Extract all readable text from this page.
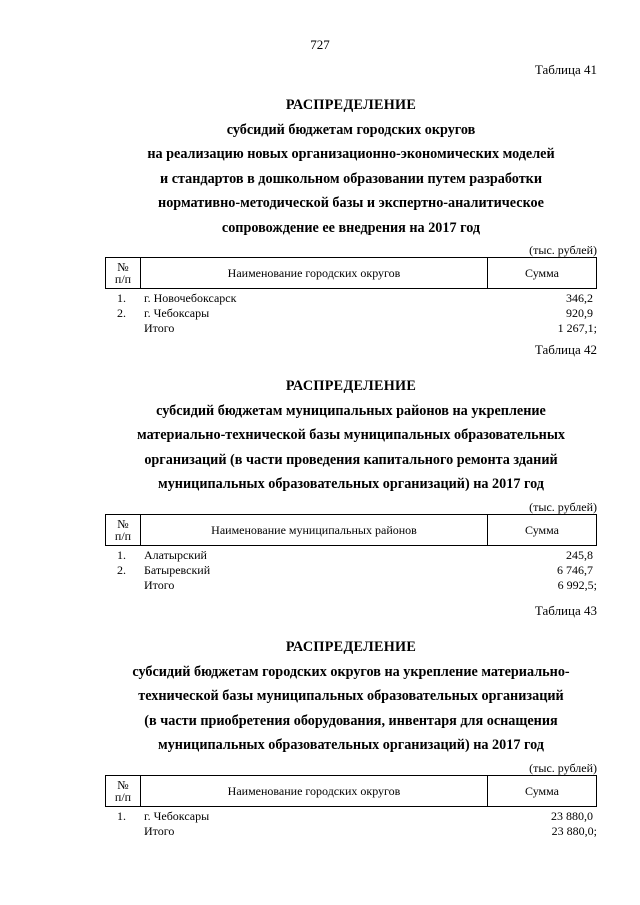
727
Таблица 41
РАСПРЕДЕЛЕНИЕ
субсидий бюджетам городских округов
на реализацию новых организационно-экономических моделей
и стандартов в дошкольном образовании путем разработки
нормативно-методической базы и экспертно-аналитическое
сопровождение ее внедрения на 2017 год
(тыс. рублей)
№
п/п	Наименование городских округов	Сумма
1. г. Новочебоксарск	346,2
2. г. Чебоксары	920,9
Итого	1 267,1;
Таблица 42
РАСПРЕДЕЛЕНИЕ
субсидий бюджетам муниципальных районов на укрепление
материально-технической базы муниципальных образовательных
организаций (в части проведения капитального ремонта зданий
муниципальных образовательных организаций) на 2017 год
(тыс. рублей)
№
п/п	Наименование муниципальных районов	Сумма
1. Алатырский	245,8
2. Батыревский	6 746,7
Итого	6 992,5;
Таблица 43
РАСПРЕДЕЛЕНИЕ
субсидий бюджетам городских округов на укрепление материально-
технической базы муниципальных образовательных организаций
(в части приобретения оборудования, инвентаря для оснащения
муниципальных образовательных организаций) на 2017 год
(тыс. рублей)
№
п/п	Наименование городских округов	Сумма
1. г. Чебоксары	23 880,0
Итого	23 880,0;
